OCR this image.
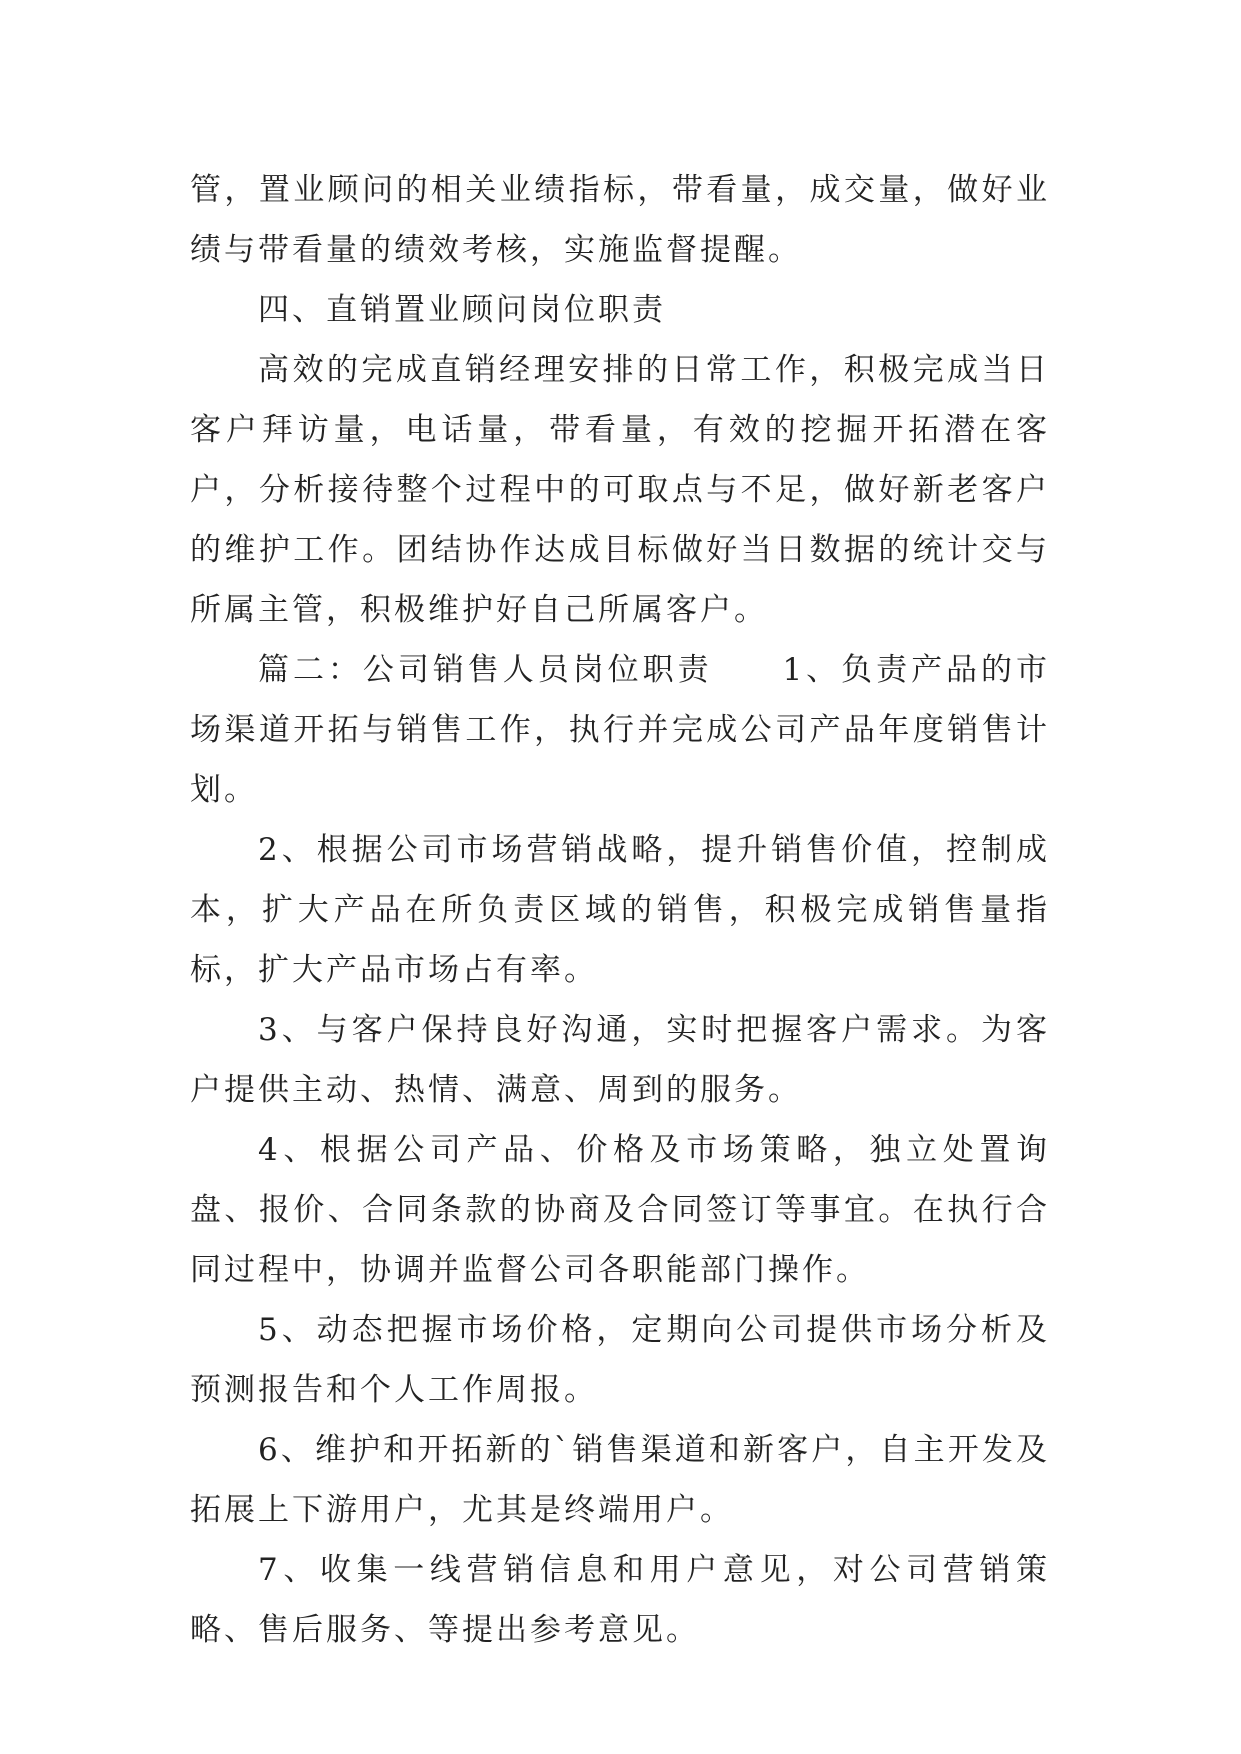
管，置业顾问的相关业绩指标，带看量，成交量，做好业绩与带看量的绩效考核，实施监督提醒。

四、直销置业顾问岗位职责

高效的完成直销经理安排的日常工作，积极完成当日客户拜访量，电话量，带看量，有效的挖掘开拓潜在客户，分析接待整个过程中的可取点与不足，做好新老客户的维护工作。团结协作达成目标做好当日数据的统计交与所属主管，积极维护好自己所属客户。

篇二：公司销售人员岗位职责　　1、负责产品的市场渠道开拓与销售工作，执行并完成公司产品年度销售计划。

2、根据公司市场营销战略，提升销售价值，控制成本，扩大产品在所负责区域的销售，积极完成销售量指标，扩大产品市场占有率。

3、与客户保持良好沟通，实时把握客户需求。为客户提供主动、热情、满意、周到的服务。

4、根据公司产品、价格及市场策略，独立处置询盘、报价、合同条款的协商及合同签订等事宜。在执行合同过程中，协调并监督公司各职能部门操作。

5、动态把握市场价格，定期向公司提供市场分析及预测报告和个人工作周报。

6、维护和开拓新的`销售渠道和新客户，自主开发及拓展上下游用户，尤其是终端用户。

7、收集一线营销信息和用户意见，对公司营销策略、售后服务、等提出参考意见。
